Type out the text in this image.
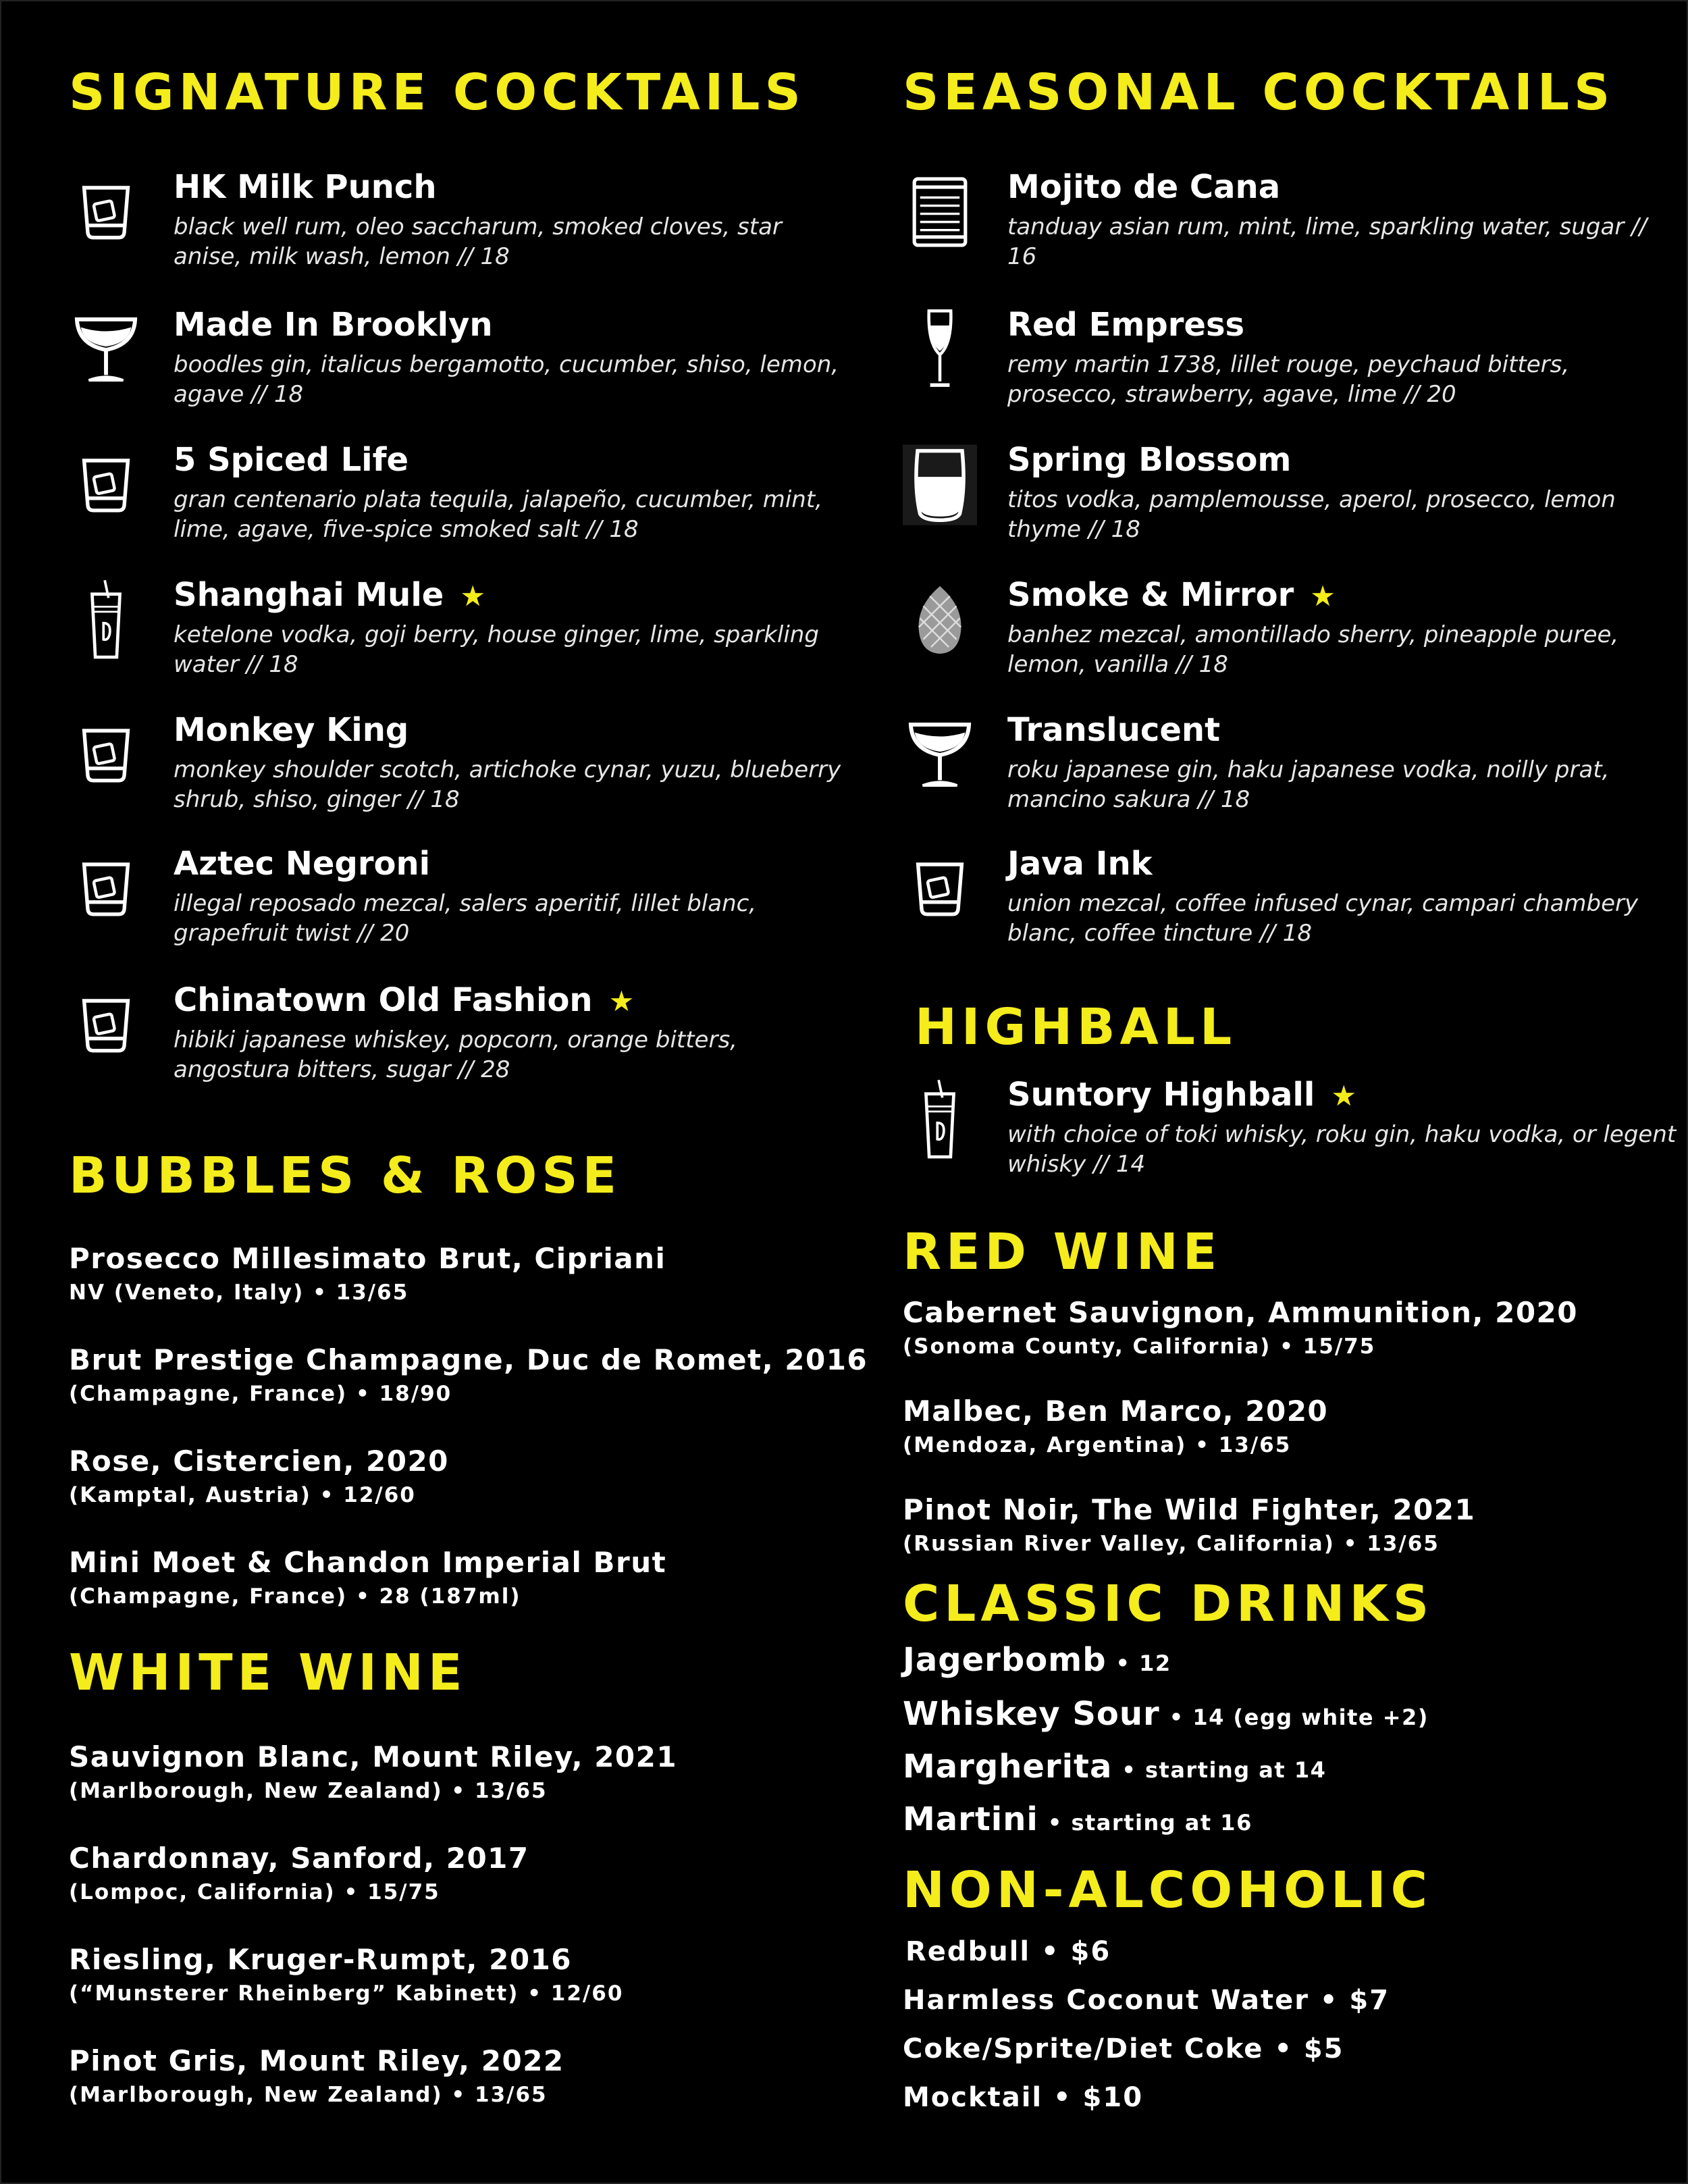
SIGNATURE COCKTAILS
HK Milk Punch
black well rum, oleo saccharum, smoked cloves, star anise, milk wash, lemon // 18
Made In Brooklyn
boodles gin, italicus bergamotto, cucumber, shiso, lemon, agave // 18
5 Spiced Life
gran centenario plata tequila, jalapeño, cucumber, mint, lime, agave, five-spice smoked salt // 18
Shanghai Mule ★
ketelone vodka, goji berry, house ginger, lime, sparkling water // 18
Monkey King
monkey shoulder scotch, artichoke cynar, yuzu, blueberry shrub, shiso, ginger // 18
Aztec Negroni
illegal reposado mezcal, salers aperitif, lillet blanc, grapefruit twist // 20
Chinatown Old Fashion ★
hibiki japanese whiskey, popcorn, orange bitters, angostura bitters, sugar // 28
BUBBLES & ROSE
Prosecco Millesimato Brut, Cipriani
NV (Veneto, Italy) • 13/65
Brut Prestige Champagne, Duc de Romet, 2016
(Champagne, France) • 18/90
Rose, Cistercien, 2020
(Kamptal, Austria) • 12/60
Mini Moet & Chandon Imperial Brut
(Champagne, France) • 28 (187ml)
WHITE WINE
Sauvignon Blanc, Mount Riley, 2021
(Marlborough, New Zealand) • 13/65
Chardonnay, Sanford, 2017
(Lompoc, California) • 15/75
Riesling, Kruger-Rumpt, 2016
(“Munsterer Rheinberg” Kabinett) • 12/60
Pinot Gris, Mount Riley, 2022
(Marlborough, New Zealand) • 13/65
SEASONAL COCKTAILS
Mojito de Cana
tanduay asian rum, mint, lime, sparkling water, sugar // 16
Red Empress
remy martin 1738, lillet rouge, peychaud bitters, prosecco, strawberry, agave, lime // 20
Spring Blossom
titos vodka, pamplemousse, aperol, prosecco, lemon thyme // 18
Smoke & Mirror ★
banhez mezcal, amontillado sherry, pineapple puree, lemon, vanilla // 18
Translucent
roku japanese gin, haku japanese vodka, noilly prat, mancino sakura // 18
Java Ink
union mezcal, coffee infused cynar, campari chambery blanc, coffee tincture // 18
HIGHBALL
Suntory Highball ★
with choice of toki whisky, roku gin, haku vodka, or legent whisky // 14
RED WINE
Cabernet Sauvignon, Ammunition, 2020
(Sonoma County, California) • 15/75
Malbec, Ben Marco, 2020
(Mendoza, Argentina) • 13/65
Pinot Noir, The Wild Fighter, 2021
(Russian River Valley, California) • 13/65
CLASSIC DRINKS
Jagerbomb • 12
Whiskey Sour • 14 (egg white +2)
Margherita • starting at 14
Martini • starting at 16
NON-ALCOHOLIC
Redbull • $6
Harmless Coconut Water • $7
Coke/Sprite/Diet Coke • $5
Mocktail • $10
